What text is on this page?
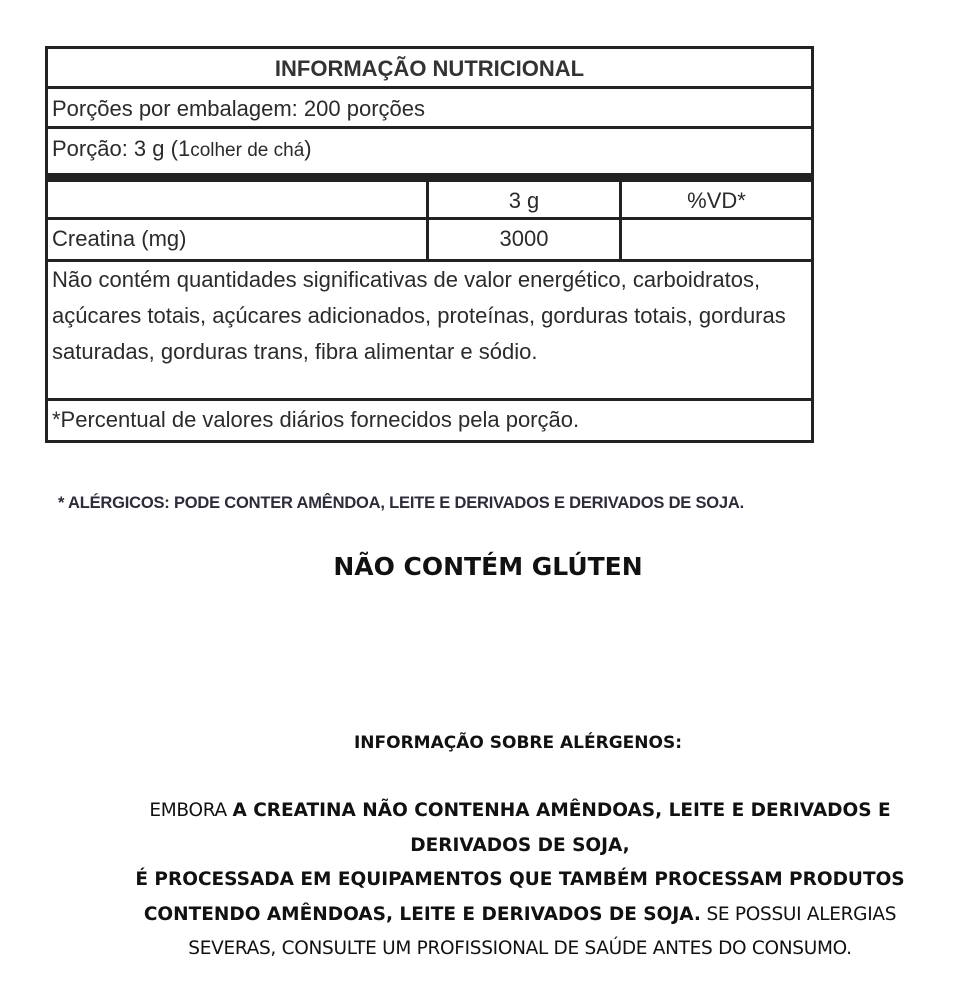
INFORMAÇÃO NUTRICIONAL
Porções por embalagem: 200 porções
Porção: 3 g (1colher de chá)
3 g	%VD*
Creatina (mg)	3000
Não contém quantidades significativas de valor energético, carboidratos, açúcares totais, açúcares adicionados, proteínas, gorduras totais, gorduras saturadas, gorduras trans, fibra alimentar e sódio.
*Percentual de valores diários fornecidos pela porção.
* ALÉRGICOS: PODE CONTER AMÊNDOA, LEITE E DERIVADOS E DERIVADOS DE SOJA.
NÃO CONTÉM GLÚTEN
INFORMAÇÃO SOBRE ALÉRGENOS:
EMBORA A CREATINA NÃO CONTENHA AMÊNDOAS, LEITE E DERIVADOS E DERIVADOS DE SOJA,
É PROCESSADA EM EQUIPAMENTOS QUE TAMBÉM PROCESSAM PRODUTOS CONTENDO AMÊNDOAS, LEITE E DERIVADOS DE SOJA. SE POSSUI ALERGIAS SEVERAS, CONSULTE UM PROFISSIONAL DE SAÚDE ANTES DO CONSUMO.
